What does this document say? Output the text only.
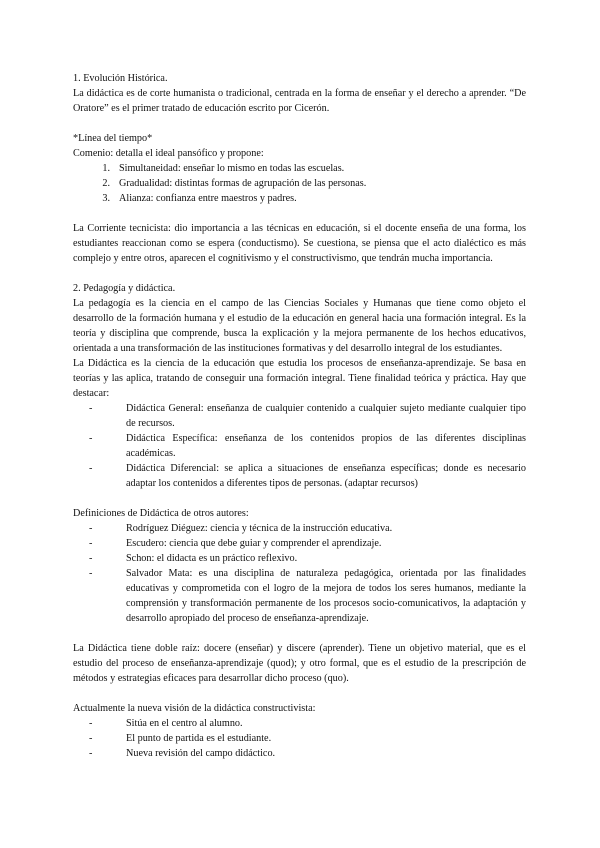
1. Evolución Histórica.

La didáctica es de corte humanista o tradicional, centrada en la forma de enseñar y el derecho a aprender. “De Oratore” es el primer tratado de educación escrito por Cicerón.

*Línea del tiempo*

Comenio: detalla el ideal pansófico y propone:

1. Simultaneidad: enseñar lo mismo en todas las escuelas.
2. Gradualidad: distintas formas de agrupación de las personas.
3. Alianza: confianza entre maestros y padres.

La Corriente tecnicista: dio importancia a las técnicas en educación, si el docente enseña de una forma, los estudiantes reaccionan como se espera (conductismo). Se cuestiona, se piensa que el acto dialéctico es más complejo y entre otros, aparecen el cognitivismo y el constructivismo, que tendrán mucha importancia.

2. Pedagogía y didáctica.

La pedagogía es la ciencia en el campo de las Ciencias Sociales y Humanas que tiene como objeto el desarrollo de la formación humana y el estudio de la educación en general hacia una formación integral. Es la teoría y disciplina que comprende, busca la explicación y la mejora permanente de los hechos educativos, orientada a una transformación de las instituciones formativas y del desarrollo integral de los estudiantes.

La Didáctica es la ciencia de la educación que estudia los procesos de enseñanza-aprendizaje. Se basa en teorías y las aplica, tratando de conseguir una formación integral. Tiene finalidad teórica y práctica. Hay que destacar:

-	Didáctica General: enseñanza de cualquier contenido a cualquier sujeto mediante cualquier tipo de recursos.
-	Didáctica Específica: enseñanza de los contenidos propios de las diferentes disciplinas académicas.
-	Didáctica Diferencial: se aplica a situaciones de enseñanza específicas; donde es necesario adaptar los contenidos a diferentes tipos de personas. (adaptar recursos)

Definiciones de Didáctica de otros autores:

-	Rodríguez Diéguez: ciencia y técnica de la instrucción educativa.
-	Escudero: ciencia que debe guiar y comprender el aprendizaje.
-	Schon: el didacta es un práctico reflexivo.
-	Salvador Mata: es una disciplina de naturaleza pedagógica, orientada por las finalidades educativas y comprometida con el logro de la mejora de todos los seres humanos, mediante la comprensión y transformación permanente de los procesos socio-comunicativos, la adaptación y desarrollo apropiado del proceso de enseñanza-aprendizaje.

La Didáctica tiene doble raíz: docere (enseñar) y discere (aprender). Tiene un objetivo material, que es el estudio del proceso de enseñanza-aprendizaje (quod); y otro formal, que es el estudio de la prescripción de métodos y estrategias eficaces para desarrollar dicho proceso (quo).

Actualmente la nueva visión de la didáctica constructivista:

-	Sitúa en el centro al alumno.
-	El punto de partida es el estudiante.
-	Nueva revisión del campo didáctico.
